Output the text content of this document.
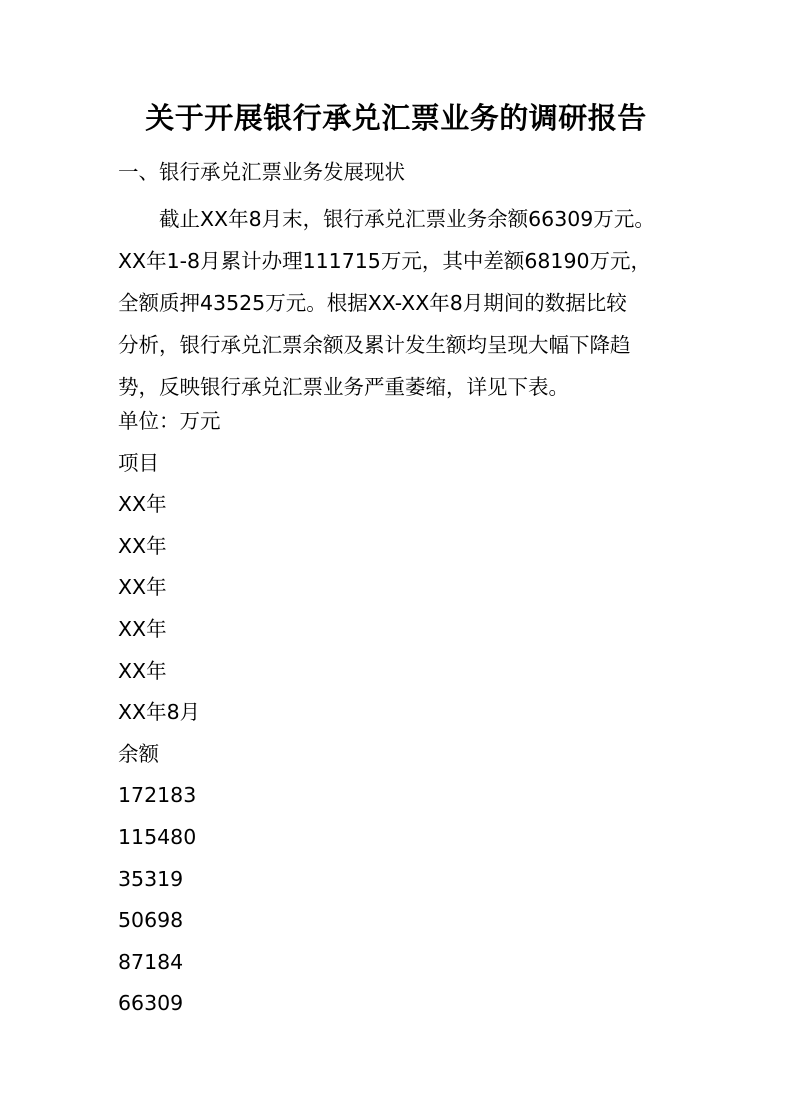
关于开展银行承兑汇票业务的调研报告
一、银行承兑汇票业务发展现状
截止XX年8月末，银行承兑汇票业务余额66309万元。
XX年1-8月累计办理111715万元，其中差额68190万元，
全额质押43525万元。根据XX-XX年8月期间的数据比较
分析，银行承兑汇票余额及累计发生额均呈现大幅下降趋
势，反映银行承兑汇票业务严重萎缩，详见下表。
单位：万元
项目
XX年
XX年
XX年
XX年
XX年
XX年8月
余额
172183
115480
35319
50698
87184
66309
